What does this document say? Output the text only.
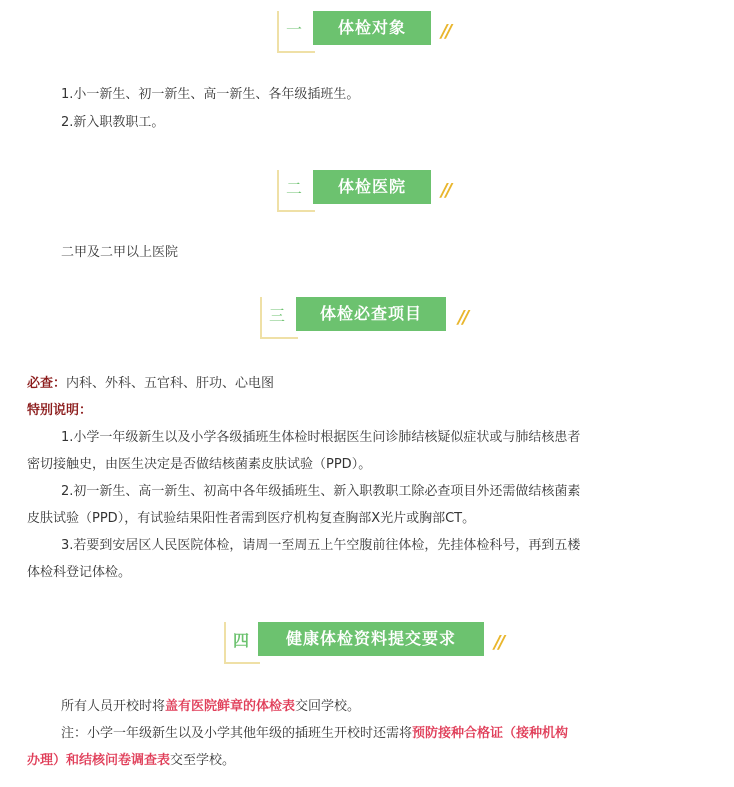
一	体检对象	//
1.小一新生、初一新生、高一新生、各年级插班生。
2.新入职教职工。
二	体检医院	//
二甲及二甲以上医院
三	体检必查项目	//
必查：内科、外科、五官科、肝功、心电图
特别说明：
1.小学一年级新生以及小学各级插班生体检时根据医生问诊肺结核疑似症状或与肺结核患者
密切接触史，由医生决定是否做结核菌素皮肤试验（PPD）。
2.初一新生、高一新生、初高中各年级插班生、新入职教职工除必查项目外还需做结核菌素
皮肤试验（PPD），有试验结果阳性者需到医疗机构复查胸部X光片或胸部CT。
3.若要到安居区人民医院体检，请周一至周五上午空腹前往体检，先挂体检科号，再到五楼
体检科登记体检。
四	健康体检资料提交要求	//
所有人员开校时将盖有医院鲜章的体检表交回学校。
注：小学一年级新生以及小学其他年级的插班生开校时还需将预防接种合格证（接种机构
办理）和结核问卷调查表交至学校。
